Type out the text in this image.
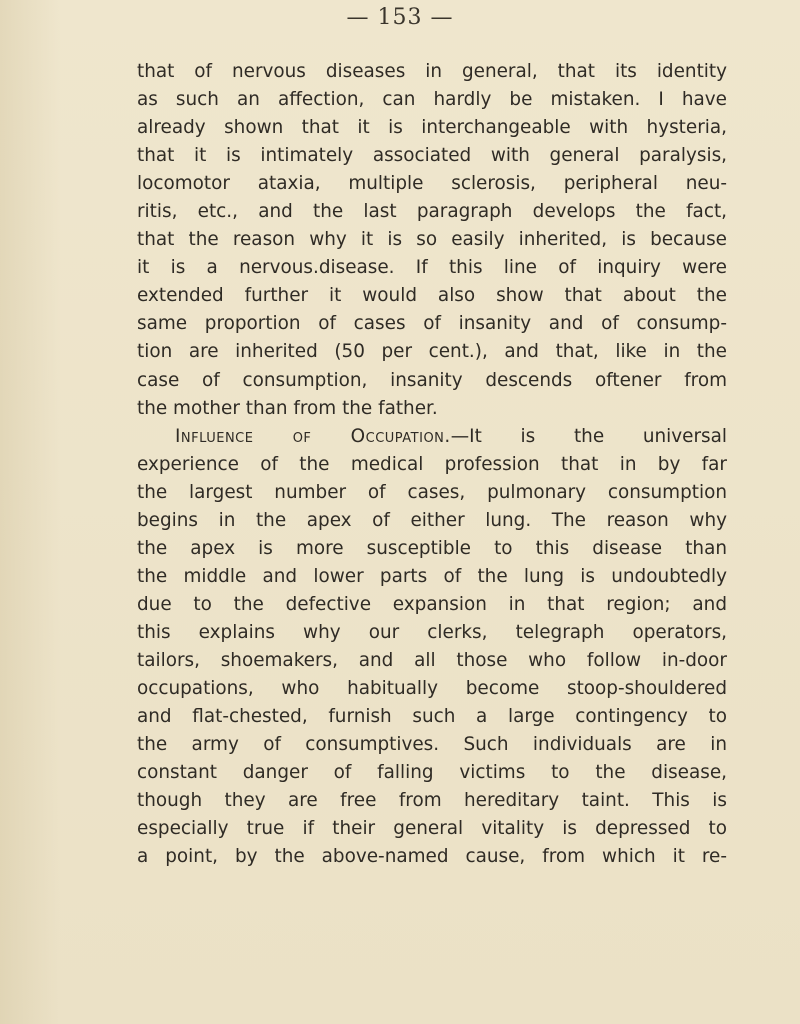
— 153 —
that of nervous diseases in general, that its identity
as such an affection, can hardly be mistaken. I have
already shown that it is interchangeable with hysteria,
that it is intimately associated with general paralysis,
locomotor ataxia, multiple sclerosis, peripheral neu-
ritis, etc., and the last paragraph develops the fact,
that the reason why it is so easily inherited, is because
it is a nervous.disease. If this line of inquiry were
extended further it would also show that about the
same proportion of cases of insanity and of consump-
tion are inherited (50 per cent.), and that, like in the
case of consumption, insanity descends oftener from
the mother than from the father.
Influence of Occupation.—It is the universal
experience of the medical profession that in by far
the largest number of cases, pulmonary consumption
begins in the apex of either lung. The reason why
the apex is more susceptible to this disease than
the middle and lower parts of the lung is undoubtedly
due to the defective expansion in that region; and
this explains why our clerks, telegraph operators,
tailors, shoemakers, and all those who follow in-door
occupations, who habitually become stoop-shouldered
and flat-chested, furnish such a large contingency to
the army of consumptives. Such individuals are in
constant danger of falling victims to the disease,
though they are free from hereditary taint. This is
especially true if their general vitality is depressed to
a point, by the above-named cause, from which it re-
